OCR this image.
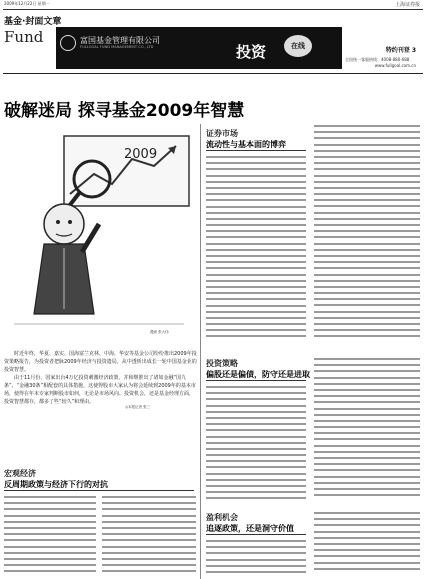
2009年12月22日 星期一	上海证券报
基金·封面文章
Fund	富国基金管理有限公司
FULLGOAL FUND MANAGEMENT CO., LTD	投资	在线
特约刊登 3
全国统一客服热线：4008-880-688
www.fullgoal.com.cn
破解迷局 探寻基金2009年智慧
2009
漫画 张大伟
时近年终，华夏、嘉实、国海富兰克林、中海、华安等基金公司纷纷推出2009年投资策略报告，为投资者把脉2009年经济与投资遗局，从中透析出成长一轮中国基金业的投资智慧。
由于11月份，国家出台4万亿投资刺激经济政策，并和继推出了诸如金融“国九条”、“金融30条”相配套的具体措施，这使得股市大家认为将会延续到2009年的基本市场，使得在年末专家判断股市如何，无论是市场风向、投资机会，还是基金经理方面，投资智慧都存，都多了些“较久”和理由。
证券市场
流动性与基本面的博弈
投资策略
偏股还是偏债，防守还是进取
宏观经济
反周期政策与经济下行的对抗
盈利机会
追逐政策，还是洞守价值
◎本报记者 张三
